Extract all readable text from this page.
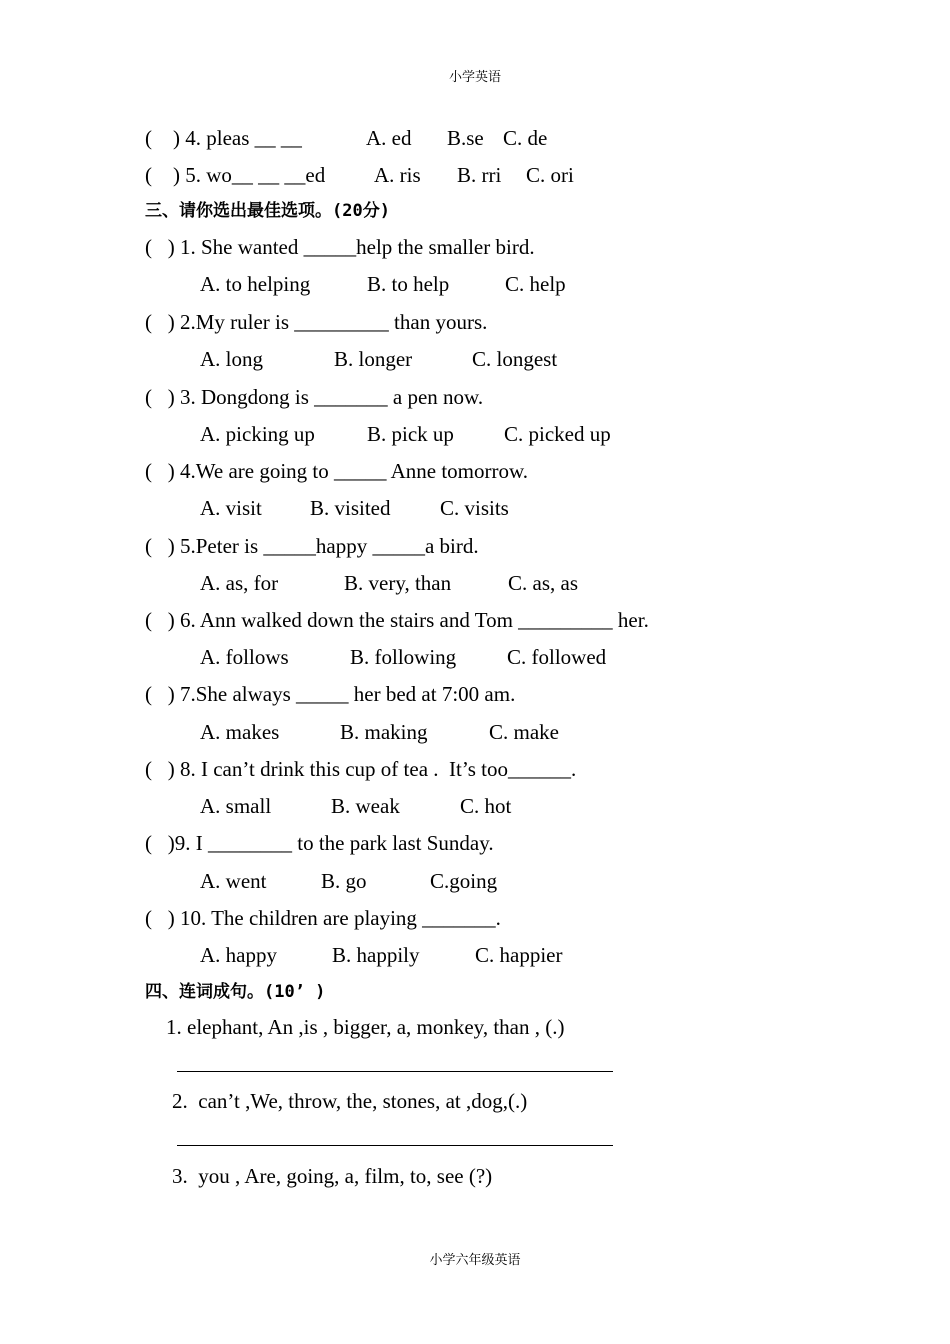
小学英语
(    ) 4. pleas __ __	A. ed B.se C. de
(    ) 5. wo__ __ __ed A. ris B. rri C. ori
三、请你选出最佳选项。(20分)
(   ) 1. She wanted _____help the smaller bird.
A. to helping	B. to help	C. help
(   ) 2.My ruler is _________ than yours.
A. long	B. longer	C. longest
(   ) 3. Dongdong is _______ a pen now.
A. picking up B. pick up C. picked up
(   ) 4.We are going to _____ Anne tomorrow.
A. visit B. visited C. visits
(   ) 5.Peter is _____happy _____a bird.
A. as, for	B. very, than	C. as, as
(   ) 6. Ann walked down the stairs and Tom _________ her.
A. follows	B. following C. followed
(   ) 7.She always _____ her bed at 7:00 am.
A. makes	B. making	C. make
(   ) 8. I can’t drink this cup of tea .  It’s too______.
A. small	B. weak	C. hot
(   )9. I ________ to the park last Sunday.
A. went	B. go	C.going
(   ) 10. The children are playing _______.
A. happy	B. happily	C. happier
四、连词成句。(10’ )
1. elephant, An ,is , bigger, a, monkey, than , (.)
2.  can’t ,We, throw, the, stones, at ,dog,(.)
3.  you , Are, going, a, film, to, see (?)
小学六年级英语
